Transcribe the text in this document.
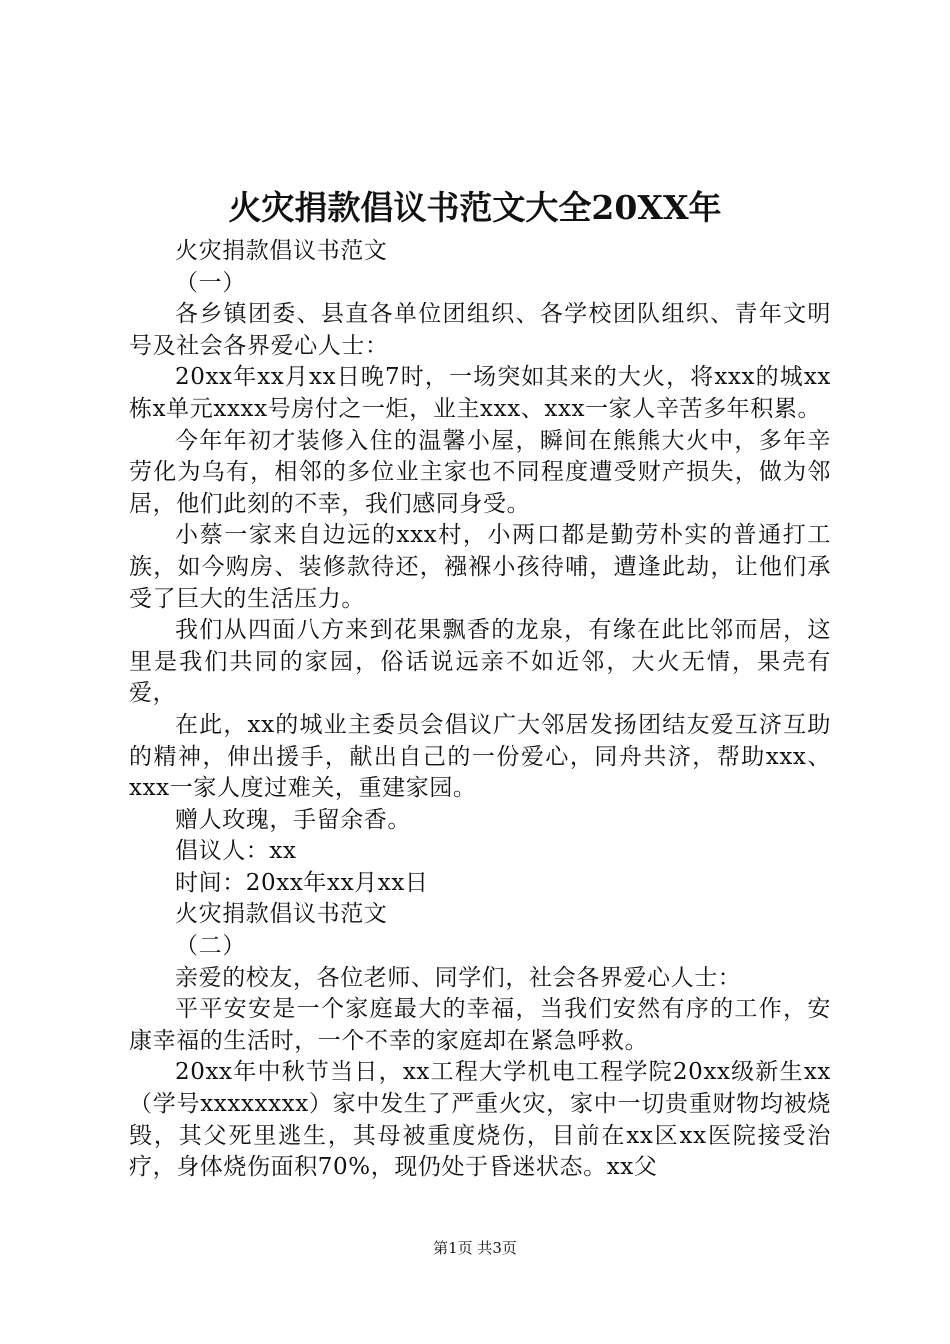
火灾捐款倡议书范文大全20XX年

火灾捐款倡议书范文

（一）

各乡镇团委、县直各单位团组织、各学校团队组织、青年文明号及社会各界爱心人士：

20xx年xx月xx日晚7时，一场突如其来的大火，将xxx的城xx栋x单元xxxx号房付之一炬，业主xxx、xxx一家人辛苦多年积累。

今年年初才装修入住的温馨小屋，瞬间在熊熊大火中，多年辛劳化为乌有，相邻的多位业主家也不同程度遭受财产损失，做为邻居，他们此刻的不幸，我们感同身受。

小蔡一家来自边远的xxx村，小两口都是勤劳朴实的普通打工族，如今购房、装修款待还，襁褓小孩待哺，遭逢此劫，让他们承受了巨大的生活压力。

我们从四面八方来到花果飘香的龙泉，有缘在此比邻而居，这里是我们共同的家园，俗话说远亲不如近邻，大火无情，果壳有爱，

在此，xx的城业主委员会倡议广大邻居发扬团结友爱互济互助的精神，伸出援手，献出自己的一份爱心，同舟共济，帮助xxx、xxx一家人度过难关，重建家园。

赠人玫瑰，手留余香。

倡议人：xx

时间：20xx年xx月xx日

火灾捐款倡议书范文

（二）

亲爱的校友，各位老师、同学们，社会各界爱心人士：

平平安安是一个家庭最大的幸福，当我们安然有序的工作，安康幸福的生活时，一个不幸的家庭却在紧急呼救。

20xx年中秋节当日，xx工程大学机电工程学院20xx级新生xx（学号xxxxxxxx）家中发生了严重火灾，家中一切贵重财物均被烧毁，其父死里逃生，其母被重度烧伤，目前在xx区xx医院接受治疗，身体烧伤面积70%，现仍处于昏迷状态。xx父

第1页 共3页
